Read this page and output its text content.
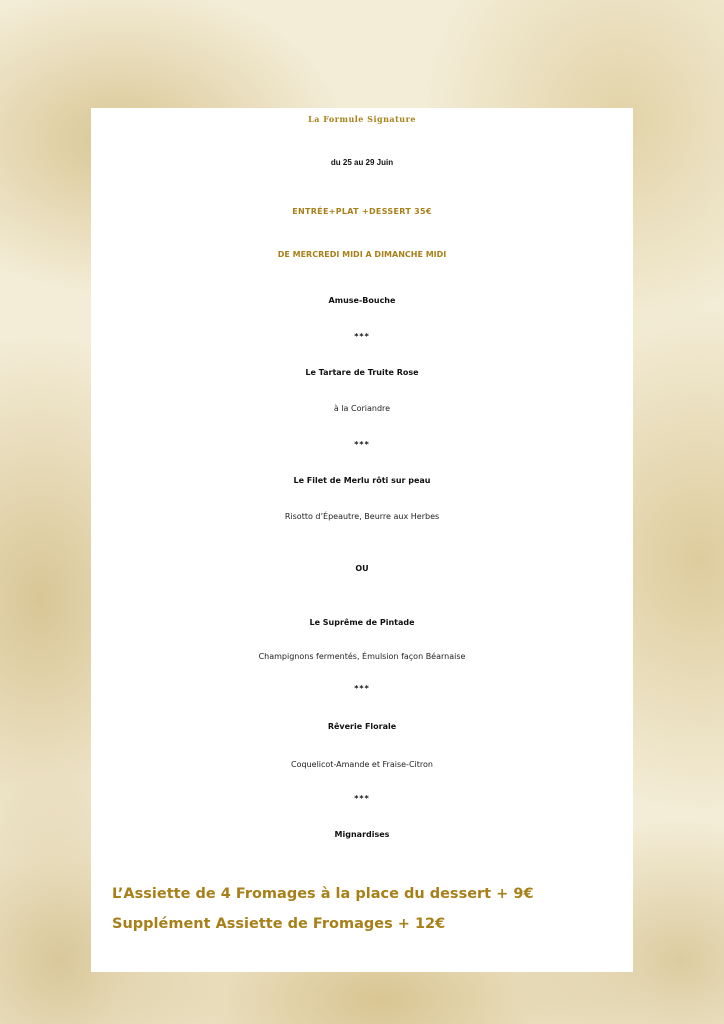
La Formule Signature
du 25 au 29 Juin
ENTRÉE+PLAT +DESSERT 35€
DE MERCREDI MIDI A DIMANCHE MIDI
Amuse-Bouche
***
Le Tartare de Truite Rose
à la Coriandre
***
Le Filet de Merlu rôti sur peau
Risotto d’Épeautre, Beurre aux Herbes
OU
Le Suprême de Pintade
Champignons fermentés, Émulsion façon Béarnaise
***
Rêverie Florale
Coquelicot-Amande et Fraise-Citron
***
Mignardises
L’Assiette de 4 Fromages à la place du dessert + 9€
Supplément Assiette de Fromages + 12€
